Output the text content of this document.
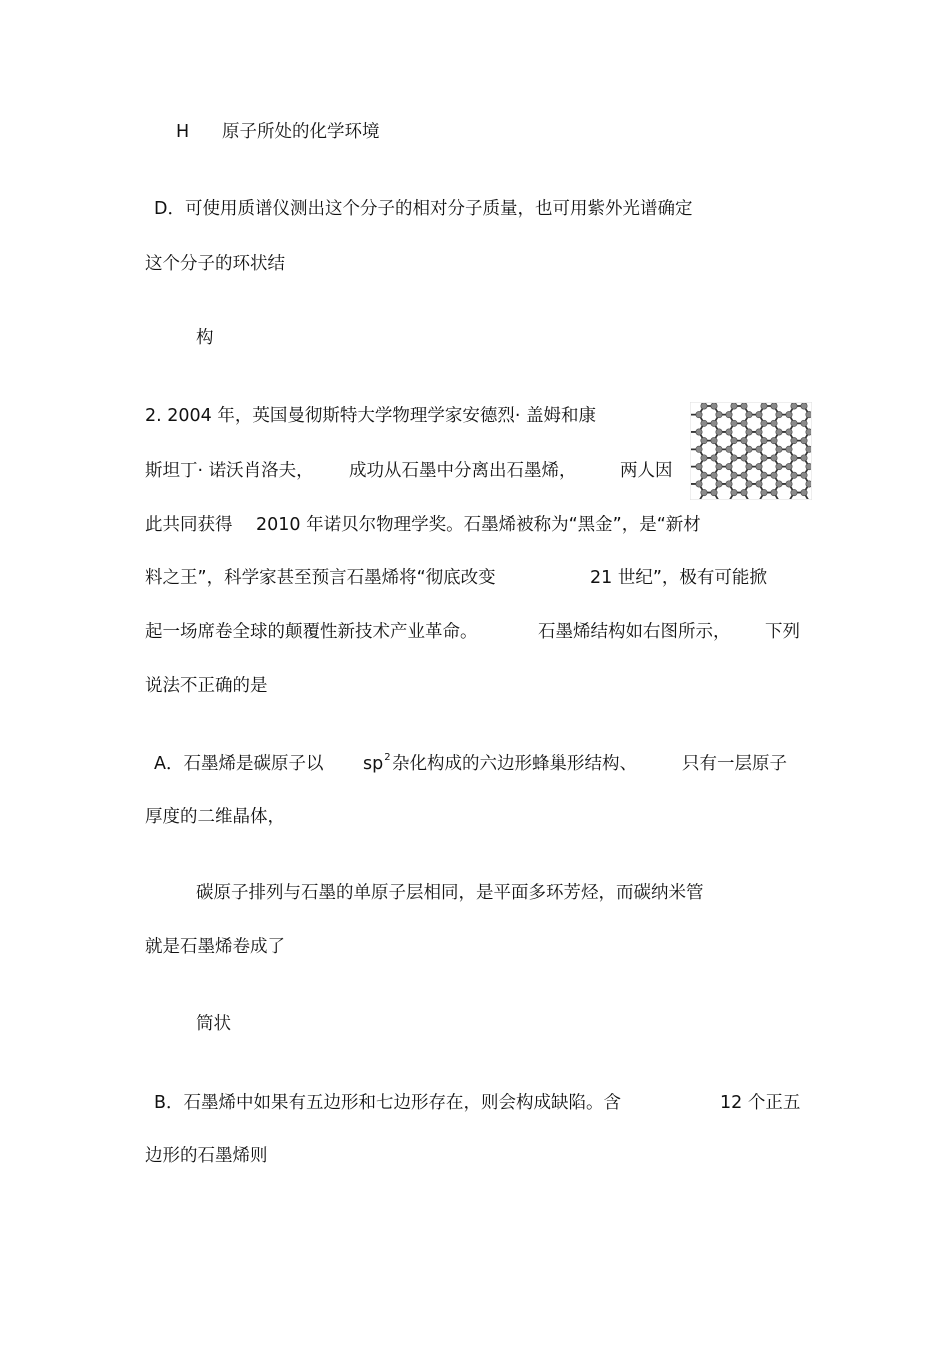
H 原子所处的化学环境
D．可使用质谱仪测出这个分子的相对分子质量，也可用紫外光谱确定
这个分子的环状结
构
2. 2004 年，英国曼彻斯特大学物理学家安德烈· 盖姆和康
斯坦丁· 诺沃肖洛夫， 成功从石墨中分离出石墨烯， 两人因
此共同获得 2010 年诺贝尔物理学奖。石墨烯被称为“黑金”，是“新材
料之王”，科学家甚至预言石墨烯将“彻底改变	21 世纪”，极有可能掀
起一场席卷全球的颠覆性新技术产业革命。	石墨烯结构如右图所示， 下列
说法不正确的是
A．石墨烯是碳原子以 $sp^2$ 杂化构成的六边形蜂巢形结构、	只有一层原子
厚度的二维晶体，
碳原子排列与石墨的单原子层相同，是平面多环芳烃，而碳纳米管
就是石墨烯卷成了
筒状
B．石墨烯中如果有五边形和七边形存在，则会构成缺陷。含	12 个正五
边形的石墨烯则
